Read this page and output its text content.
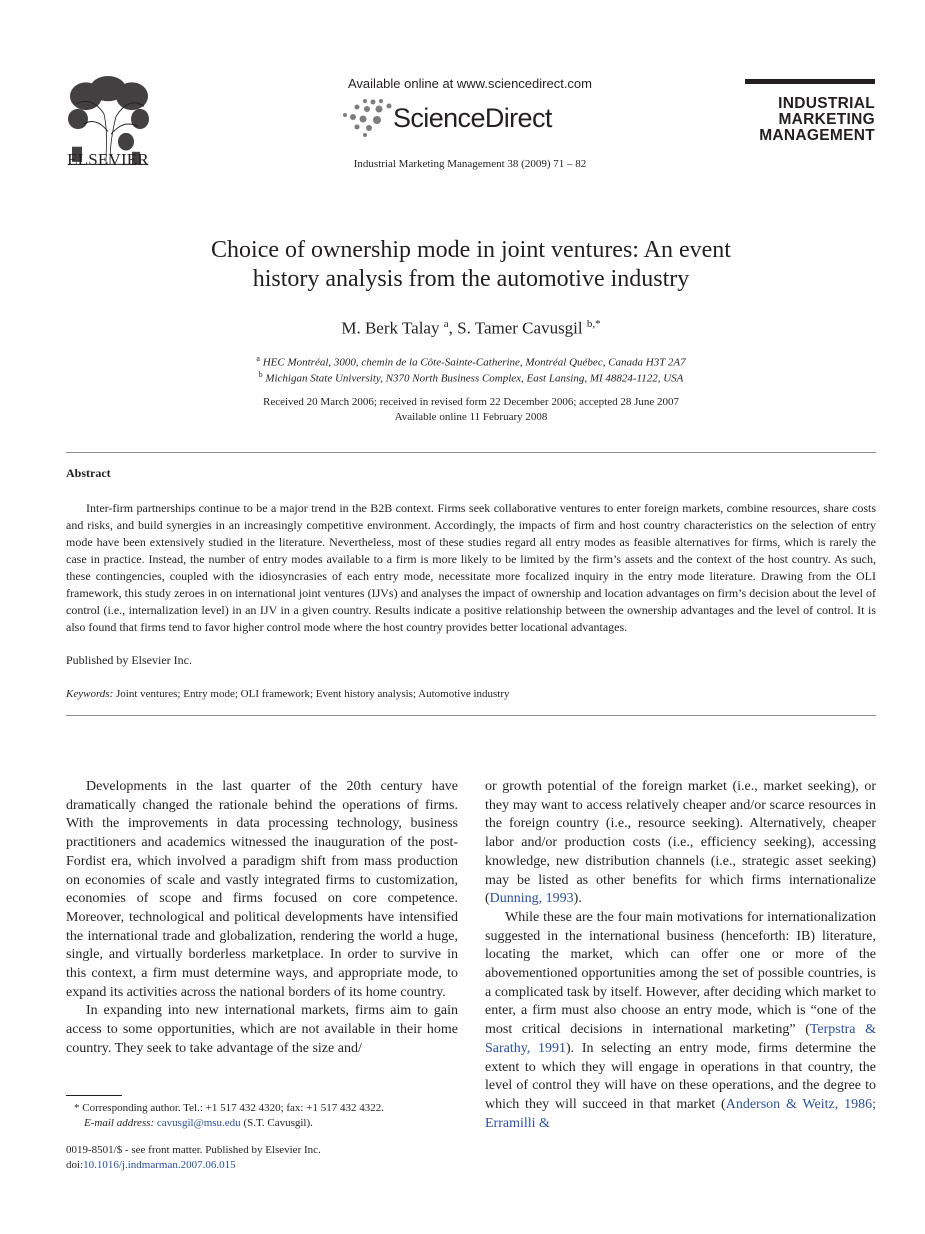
ELSEVIER
Available online at www.sciencedirect.com
ScienceDirect
Industrial Marketing Management 38 (2009) 71 – 82
INDUSTRIAL
MARKETING
MANAGEMENT
Choice of ownership mode in joint ventures: An event
history analysis from the automotive industry
M. Berk Talay $^a$, S. Tamer Cavusgil $^{b,*}$
$^a$ HEC Montréal, 3000, chemin de la Côte-Sainte-Catherine, Montréal Québec, Canada H3T 2A7
$^b$ Michigan State University, N370 North Business Complex, East Lansing, MI 48824-1122, USA
Received 20 March 2006; received in revised form 22 December 2006; accepted 28 June 2007
Available online 11 February 2008
Abstract

Inter-firm partnerships continue to be a major trend in the B2B context. Firms seek collaborative ventures to enter foreign markets, combine resources, share costs and risks, and build synergies in an increasingly competitive environment. Accordingly, the impacts of firm and host country characteristics on the selection of entry mode have been extensively studied in the literature. Nevertheless, most of these studies regard all entry modes as feasible alternatives for firms, which is rarely the case in practice. Instead, the number of entry modes available to a firm is more likely to be limited by the firm’s assets and the context of the host country. As such, these contingencies, coupled with the idiosyncrasies of each entry mode, necessitate more focalized inquiry in the entry mode literature. Drawing from the OLI framework, this study zeroes in on international joint ventures (IJVs) and analyses the impact of ownership and location advantages on firm’s decision about the level of control (i.e., internalization level) in an IJV in a given country. Results indicate a positive relationship between the ownership advantages and the level of control. It is also found that firms tend to favor higher control mode where the host country provides better locational advantages.

Published by Elsevier Inc.
Keywords: Joint ventures; Entry mode; OLI framework; Event history analysis; Automotive industry

Developments in the last quarter of the 20th century have dramatically changed the rationale behind the operations of firms. With the improvements in data processing technology, business practitioners and academics witnessed the inauguration of the post-Fordist era, which involved a paradigm shift from mass production on economies of scale and vastly integrated firms to customization, economies of scope and firms focused on core competence. Moreover, technological and political developments have intensified the international trade and globalization, rendering the world a huge, single, and virtually borderless marketplace. In order to survive in this context, a firm must determine ways, and appropriate mode, to expand its activities across the national borders of its home country.

In expanding into new international markets, firms aim to gain access to some opportunities, which are not available in their home country. They seek to take advantage of the size and/

or growth potential of the foreign market (i.e., market seeking), or they may want to access relatively cheaper and/or scarce resources in the foreign country (i.e., resource seeking). Alternatively, cheaper labor and/or production costs (i.e., efficiency seeking), accessing knowledge, new distribution channels (i.e., strategic asset seeking) may be listed as other benefits for which firms internationalize (Dunning, 1993).

While these are the four main motivations for internationalization suggested in the international business (henceforth: IB) literature, locating the market, which can offer one or more of the abovementioned opportunities among the set of possible countries, is a complicated task by itself. However, after deciding which market to enter, a firm must also choose an entry mode, which is “one of the most critical decisions in international marketing” (Terpstra & Sarathy, 1991). In selecting an entry mode, firms determine the extent to which they will engage in operations in that country, the level of control they will have on these operations, and the degree to which they will succeed in that market (Anderson & Weitz, 1986; Erramilli &

* Corresponding author. Tel.: +1 517 432 4320; fax: +1 517 432 4322.
E-mail address: cavusgil@msu.edu (S.T. Cavusgil).
0019-8501/$ - see front matter. Published by Elsevier Inc.
doi:10.1016/j.indmarman.2007.06.015
